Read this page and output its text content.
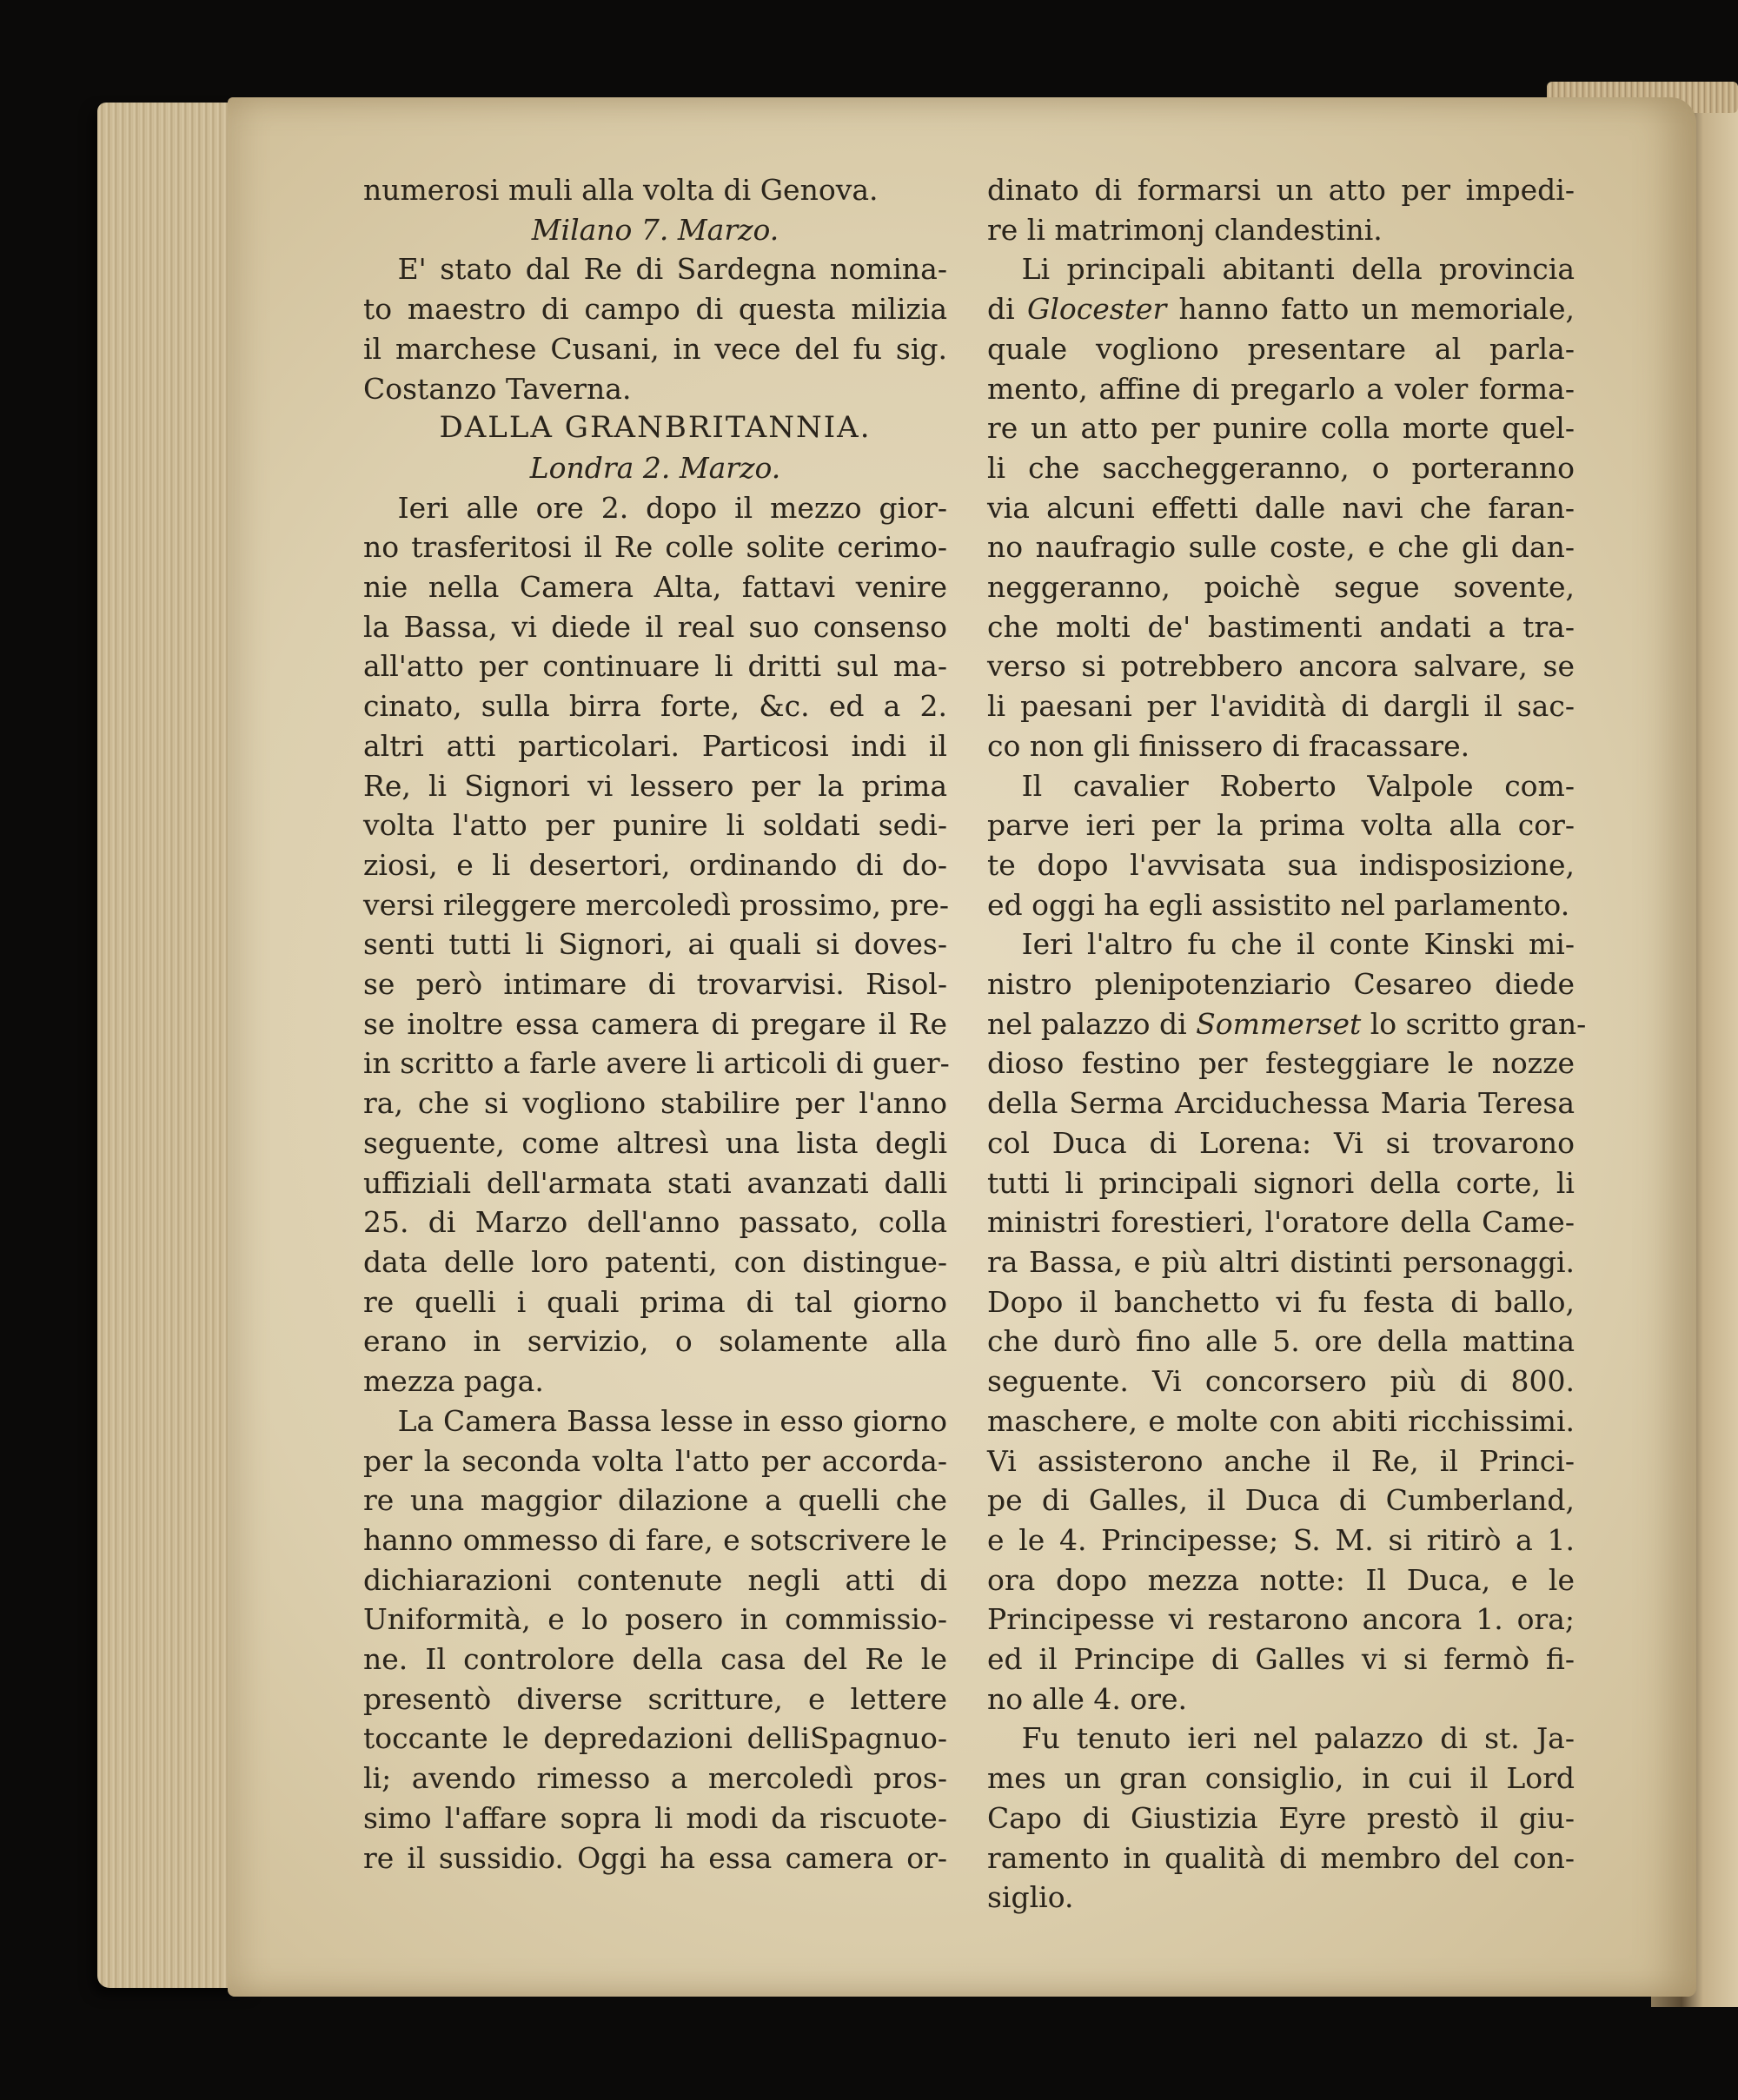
numerosi muli alla volta di Genova.
Milano 7. Marzo.
E' stato dal Re di Sardegna nomina-
to maestro di campo di questa milizia
il marchese Cusani, in vece del fu sig.
Costanzo Taverna.
DALLA GRANBRITANNIA.
Londra 2. Marzo.
Ieri alle ore 2. dopo il mezzo gior-
no trasferitosi il Re colle solite cerimo-
nie nella Camera Alta, fattavi venire
la Bassa, vi diede il real suo consenso
all'atto per continuare li dritti sul ma-
cinato, sulla birra forte, &c. ed a 2.
altri atti particolari. Particosi indi il
Re, li Signori vi lessero per la prima
volta l'atto per punire li soldati sedi-
ziosi, e li desertori, ordinando di do-
versi rileggere mercoledì prossimo, pre-
senti tutti li Signori, ai quali si doves-
se però intimare di trovarvisi. Risol-
se inoltre essa camera di pregare il Re
in scritto a farle avere li articoli di guer-
ra, che si vogliono stabilire per l'anno
seguente, come altresì una lista degli
uffiziali dell'armata stati avanzati dalli
25. di Marzo dell'anno passato, colla
data delle loro patenti, con distingue-
re quelli i quali prima di tal giorno
erano in servizio, o solamente alla
mezza paga.
La Camera Bassa lesse in esso giorno
per la seconda volta l'atto per accorda-
re una maggior dilazione a quelli che
hanno ommesso di fare, e sotscrivere le
dichiarazioni contenute negli atti di
Uniformità, e lo posero in commissio-
ne. Il controlore della casa del Re le
presentò diverse scritture, e lettere
toccante le depredazioni delliSpagnuo-
li; avendo rimesso a mercoledì pros-
simo l'affare sopra li modi da riscuote-
re il sussidio. Oggi ha essa camera or-
dinato di formarsi un atto per impedi-
re li matrimonj clandestini.
Li principali abitanti della provincia
di Glocester hanno fatto un memoriale,
quale vogliono presentare al parla-
mento, affine di pregarlo a voler forma-
re un atto per punire colla morte quel-
li che saccheggeranno, o porteranno
via alcuni effetti dalle navi che faran-
no naufragio sulle coste, e che gli dan-
neggeranno, poichè segue sovente,
che molti de' bastimenti andati a tra-
verso si potrebbero ancora salvare, se
li paesani per l'avidità di dargli il sac-
co non gli finissero di fracassare.
Il cavalier Roberto Valpole com-
parve ieri per la prima volta alla cor-
te dopo l'avvisata sua indisposizione,
ed oggi ha egli assistito nel parlamento.
Ieri l'altro fu che il conte Kinski mi-
nistro plenipotenziario Cesareo diede
nel palazzo di Sommerset lo scritto gran-
dioso festino per festeggiare le nozze
della Serma Arciduchessa Maria Teresa
col Duca di Lorena: Vi si trovarono
tutti li principali signori della corte, li
ministri forestieri, l'oratore della Came-
ra Bassa, e più altri distinti personaggi.
Dopo il banchetto vi fu festa di ballo,
che durò fino alle 5. ore della mattina
seguente. Vi concorsero più di 800.
maschere, e molte con abiti ricchissimi.
Vi assisterono anche il Re, il Princi-
pe di Galles, il Duca di Cumberland,
e le 4. Principesse; S. M. si ritirò a 1.
ora dopo mezza notte: Il Duca, e le
Principesse vi restarono ancora 1. ora;
ed il Principe di Galles vi si fermò fi-
no alle 4. ore.
Fu tenuto ieri nel palazzo di st. Ja-
mes un gran consiglio, in cui il Lord
Capo di Giustizia Eyre prestò il giu-
ramento in qualità di membro del con-
siglio.
